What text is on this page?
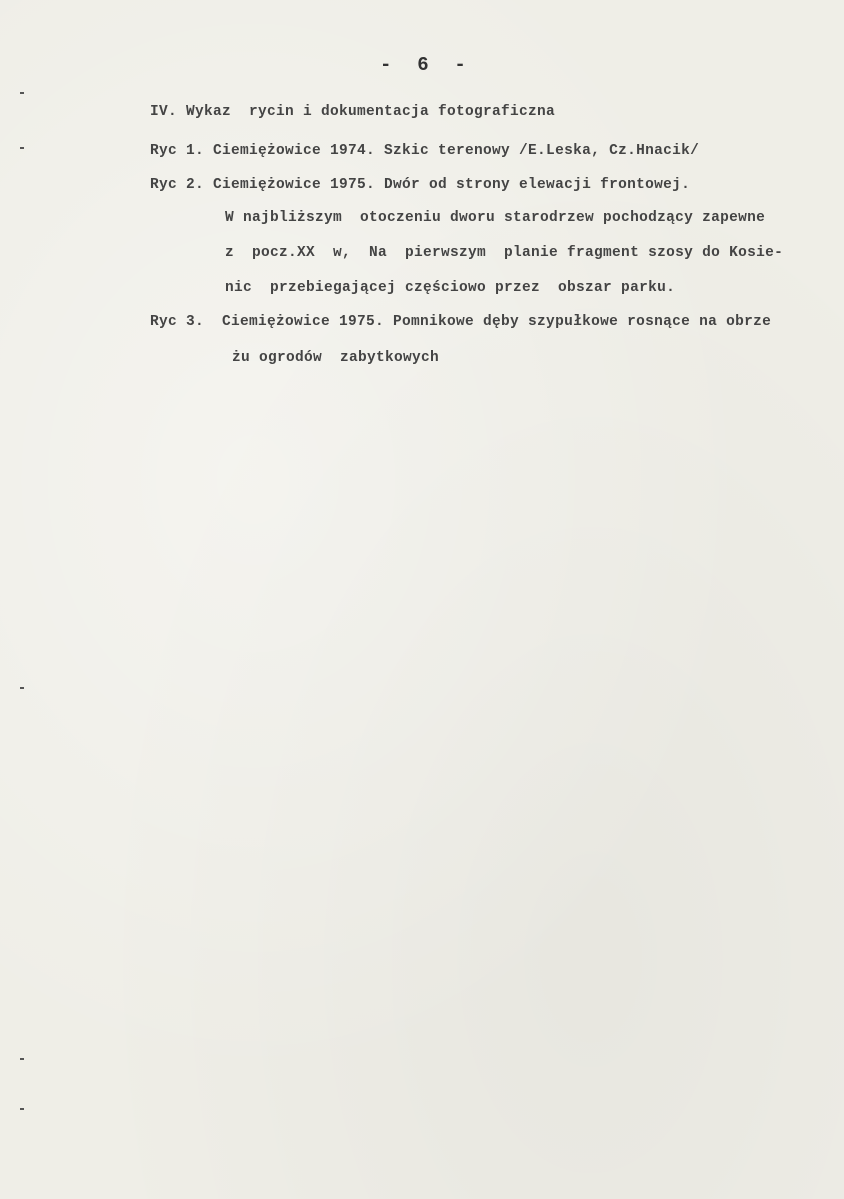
-  6  -
IV. Wykaz  rycin i dokumentacja fotograficzna
Ryc 1. Ciemiężowice 1974. Szkic terenowy /E.Leska, Cz.Hnacik/
Ryc 2. Ciemiężowice 1975. Dwór od strony elewacji frontowej.
W najbliższym  otoczeniu dworu starodrzew pochodzący zapewne
z  pocz.XX  w,  Na  pierwszym  planie fragment szosy do Kosie-
nic  przebiegającej częściowo przez  obszar parku.
Ryc 3.  Ciemiężowice 1975. Pomnikowe dęby szypułkowe rosnące na obrze
żu ogrodów  zabytkowych
